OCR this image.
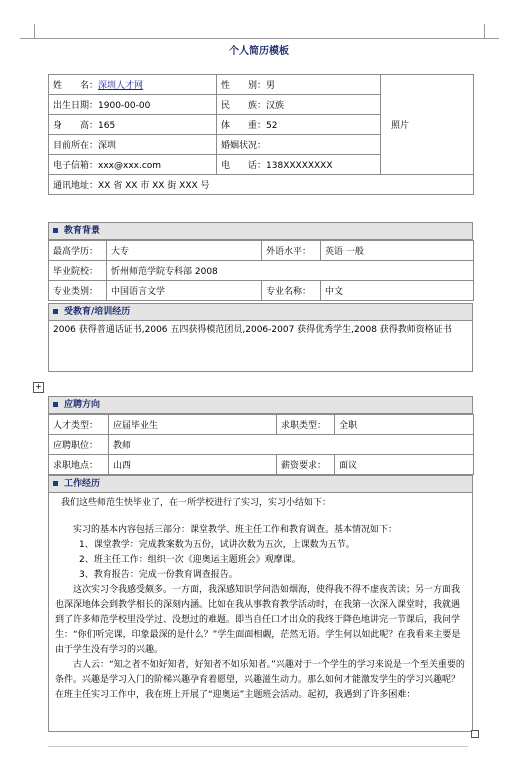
个人简历模板
姓　　名：深圳人才网	性　　别：男	照片
出生日期：1900-00-00	民　　族：汉族	
身　　高：165	体　　重：52	
目前所在：深圳	婚姻状况：	
电子信箱：xxx@xxx.com	电　　话：138XXXXXXXX	
通讯地址：XX 省 XX 市 XX 街 XXX 号		
教育背景
最高学历：	大专	外语水平：	英语 一般
毕业院校：	忻州师范学院专科部 2008		
专业类别：	中国语言文学	专业名称：	中文
受教育/培训经历
2006 获得普通话证书,2006 五四获得模范团员,2006-2007 获得优秀学生,2008 获得教师资格证书
+
应聘方向
人才类型：	应届毕业生	求职类型：	全职
应聘职位：	教师		
求职地点：	山西	薪资要求：	面议
工作经历
我们这些师范生快毕业了，在一所学校进行了实习，实习小结如下：
实习的基本内容包括三部分：课堂教学、班主任工作和教育调查。基本情况如下：
1、课堂教学：完成教案数为五份，试讲次数为五次，上课数为五节。
2、班主任工作：组织一次《迎奥运主题班会》观摩课。
3、教育报告：完成一份教育调查报告。
这次实习令我感受颇多。一方面，我深感知识学问浩如烟海，使得我不得不虚夜苦读；另一方面我也深深地体会到教学相长的深刻内涵。比如在我从事教育教学活动时，在我第一次深入课堂时，我就遇到了许多师范学校里没学过、没想过的难题。即当自任口才出众的我终于降色地讲完一节课后，我问学生：“你们听完课，印象最深的是什么？”学生面面相觑，茫然无语。学生何以如此呢？在我看来主要是由于学生没有学习的兴趣。
古人云：“知之者不如好知者，好知者不如乐知者。”兴趣对于一个学生的学习来说是一个至关重要的条件。兴趣是学习入门的阶梯兴趣孕育着愿望，兴趣滋生动力。那么如何才能激发学生的学习兴趣呢？
在班主任实习工作中，我在班上开展了“迎奥运”主题班会活动。起初，我遇到了许多困难：
